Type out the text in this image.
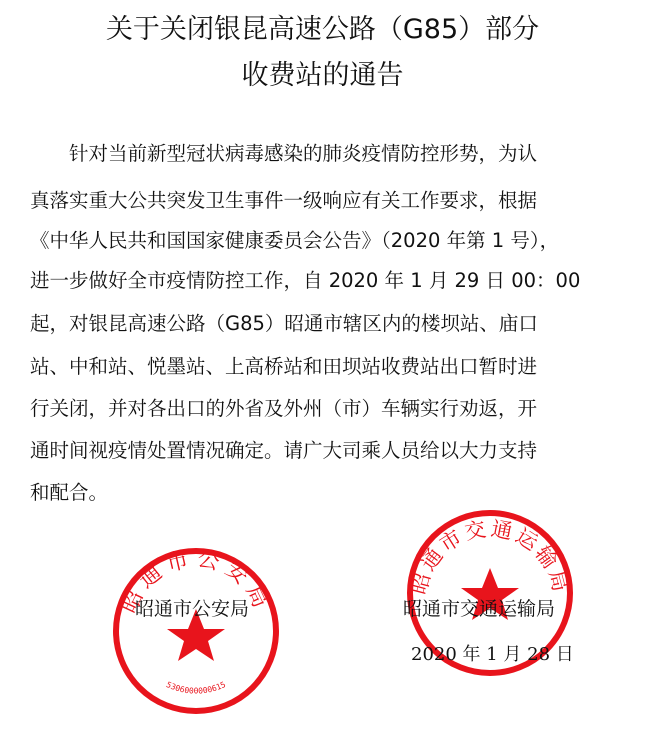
关于关闭银昆高速公路（G85）部分
收费站的通告
　　针对当前新型冠状病毒感染的肺炎疫情防控形势，为认
真落实重大公共突发卫生事件一级响应有关工作要求，根据
《中华人民共和国国家健康委员会公告》（2020 年第 1 号），
进一步做好全市疫情防控工作，自 2020 年 1 月 29 日 00：00
起，对银昆高速公路（G85）昭通市辖区内的楼坝站、庙口
站、中和站、悦墨站、上高桥站和田坝站收费站出口暂时进
行关闭，并对各出口的外省及外州（市）车辆实行劝返，开
通时间视疫情处置情况确定。请广大司乘人员给以大力支持
和配合。
昭通市公安局
5306000000615
昭通市交通运输局
昭通市公安局	昭通市交通运输局
2020 年 1 月 28 日
